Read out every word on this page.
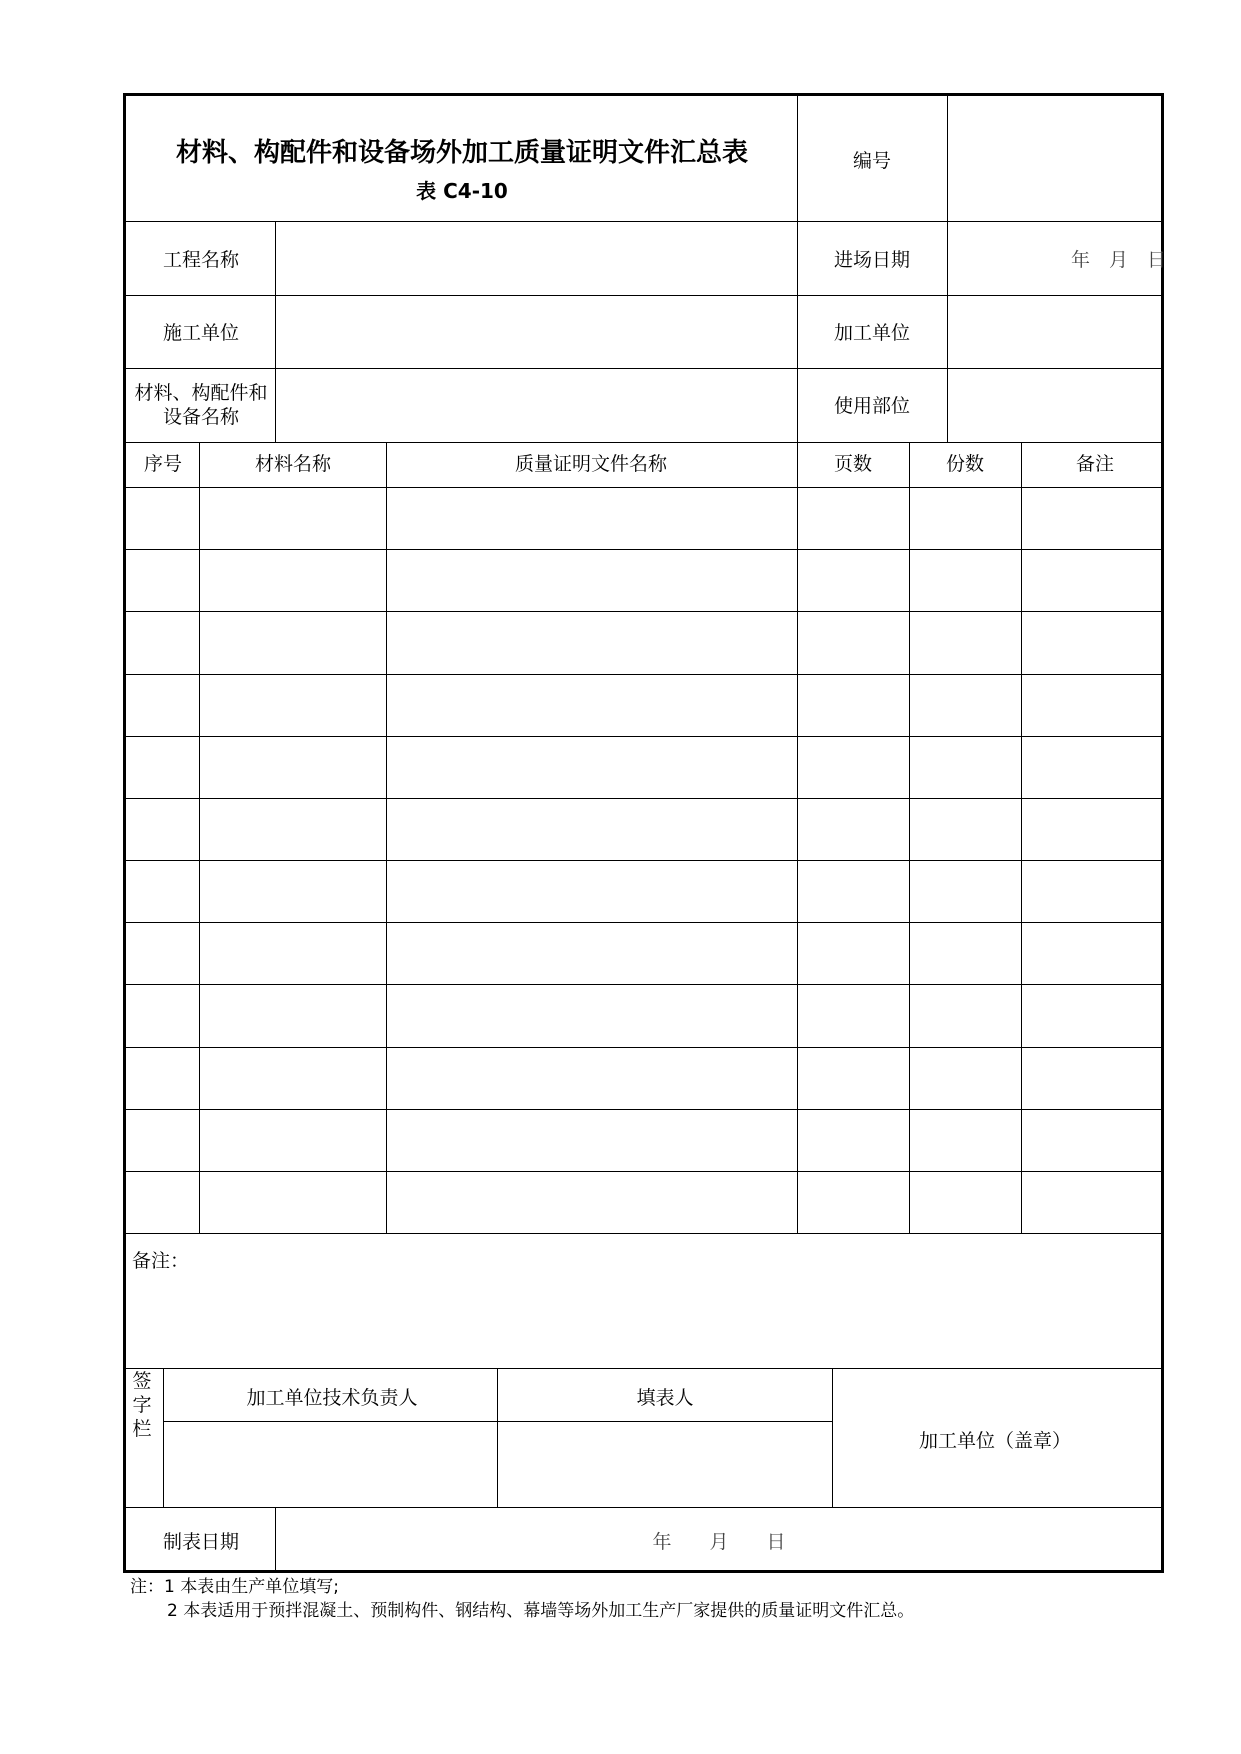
材料、构配件和设备场外加工质量证明文件汇总表
表 C4-10
编号
工程名称	进场日期	年　月　日
施工单位	加工单位
材料、构配件和
设备名称	使用部位
序号	材料名称	质量证明文件名称	页数	份数	备注
备注：
签
字
栏
加工单位技术负责人	填表人
加工单位（盖章）
制表日期	年　　月　　日
注：1 本表由生产单位填写;
2 本表适用于预拌混凝土、预制构件、钢结构、幕墙等场外加工生产厂家提供的质量证明文件汇总。
